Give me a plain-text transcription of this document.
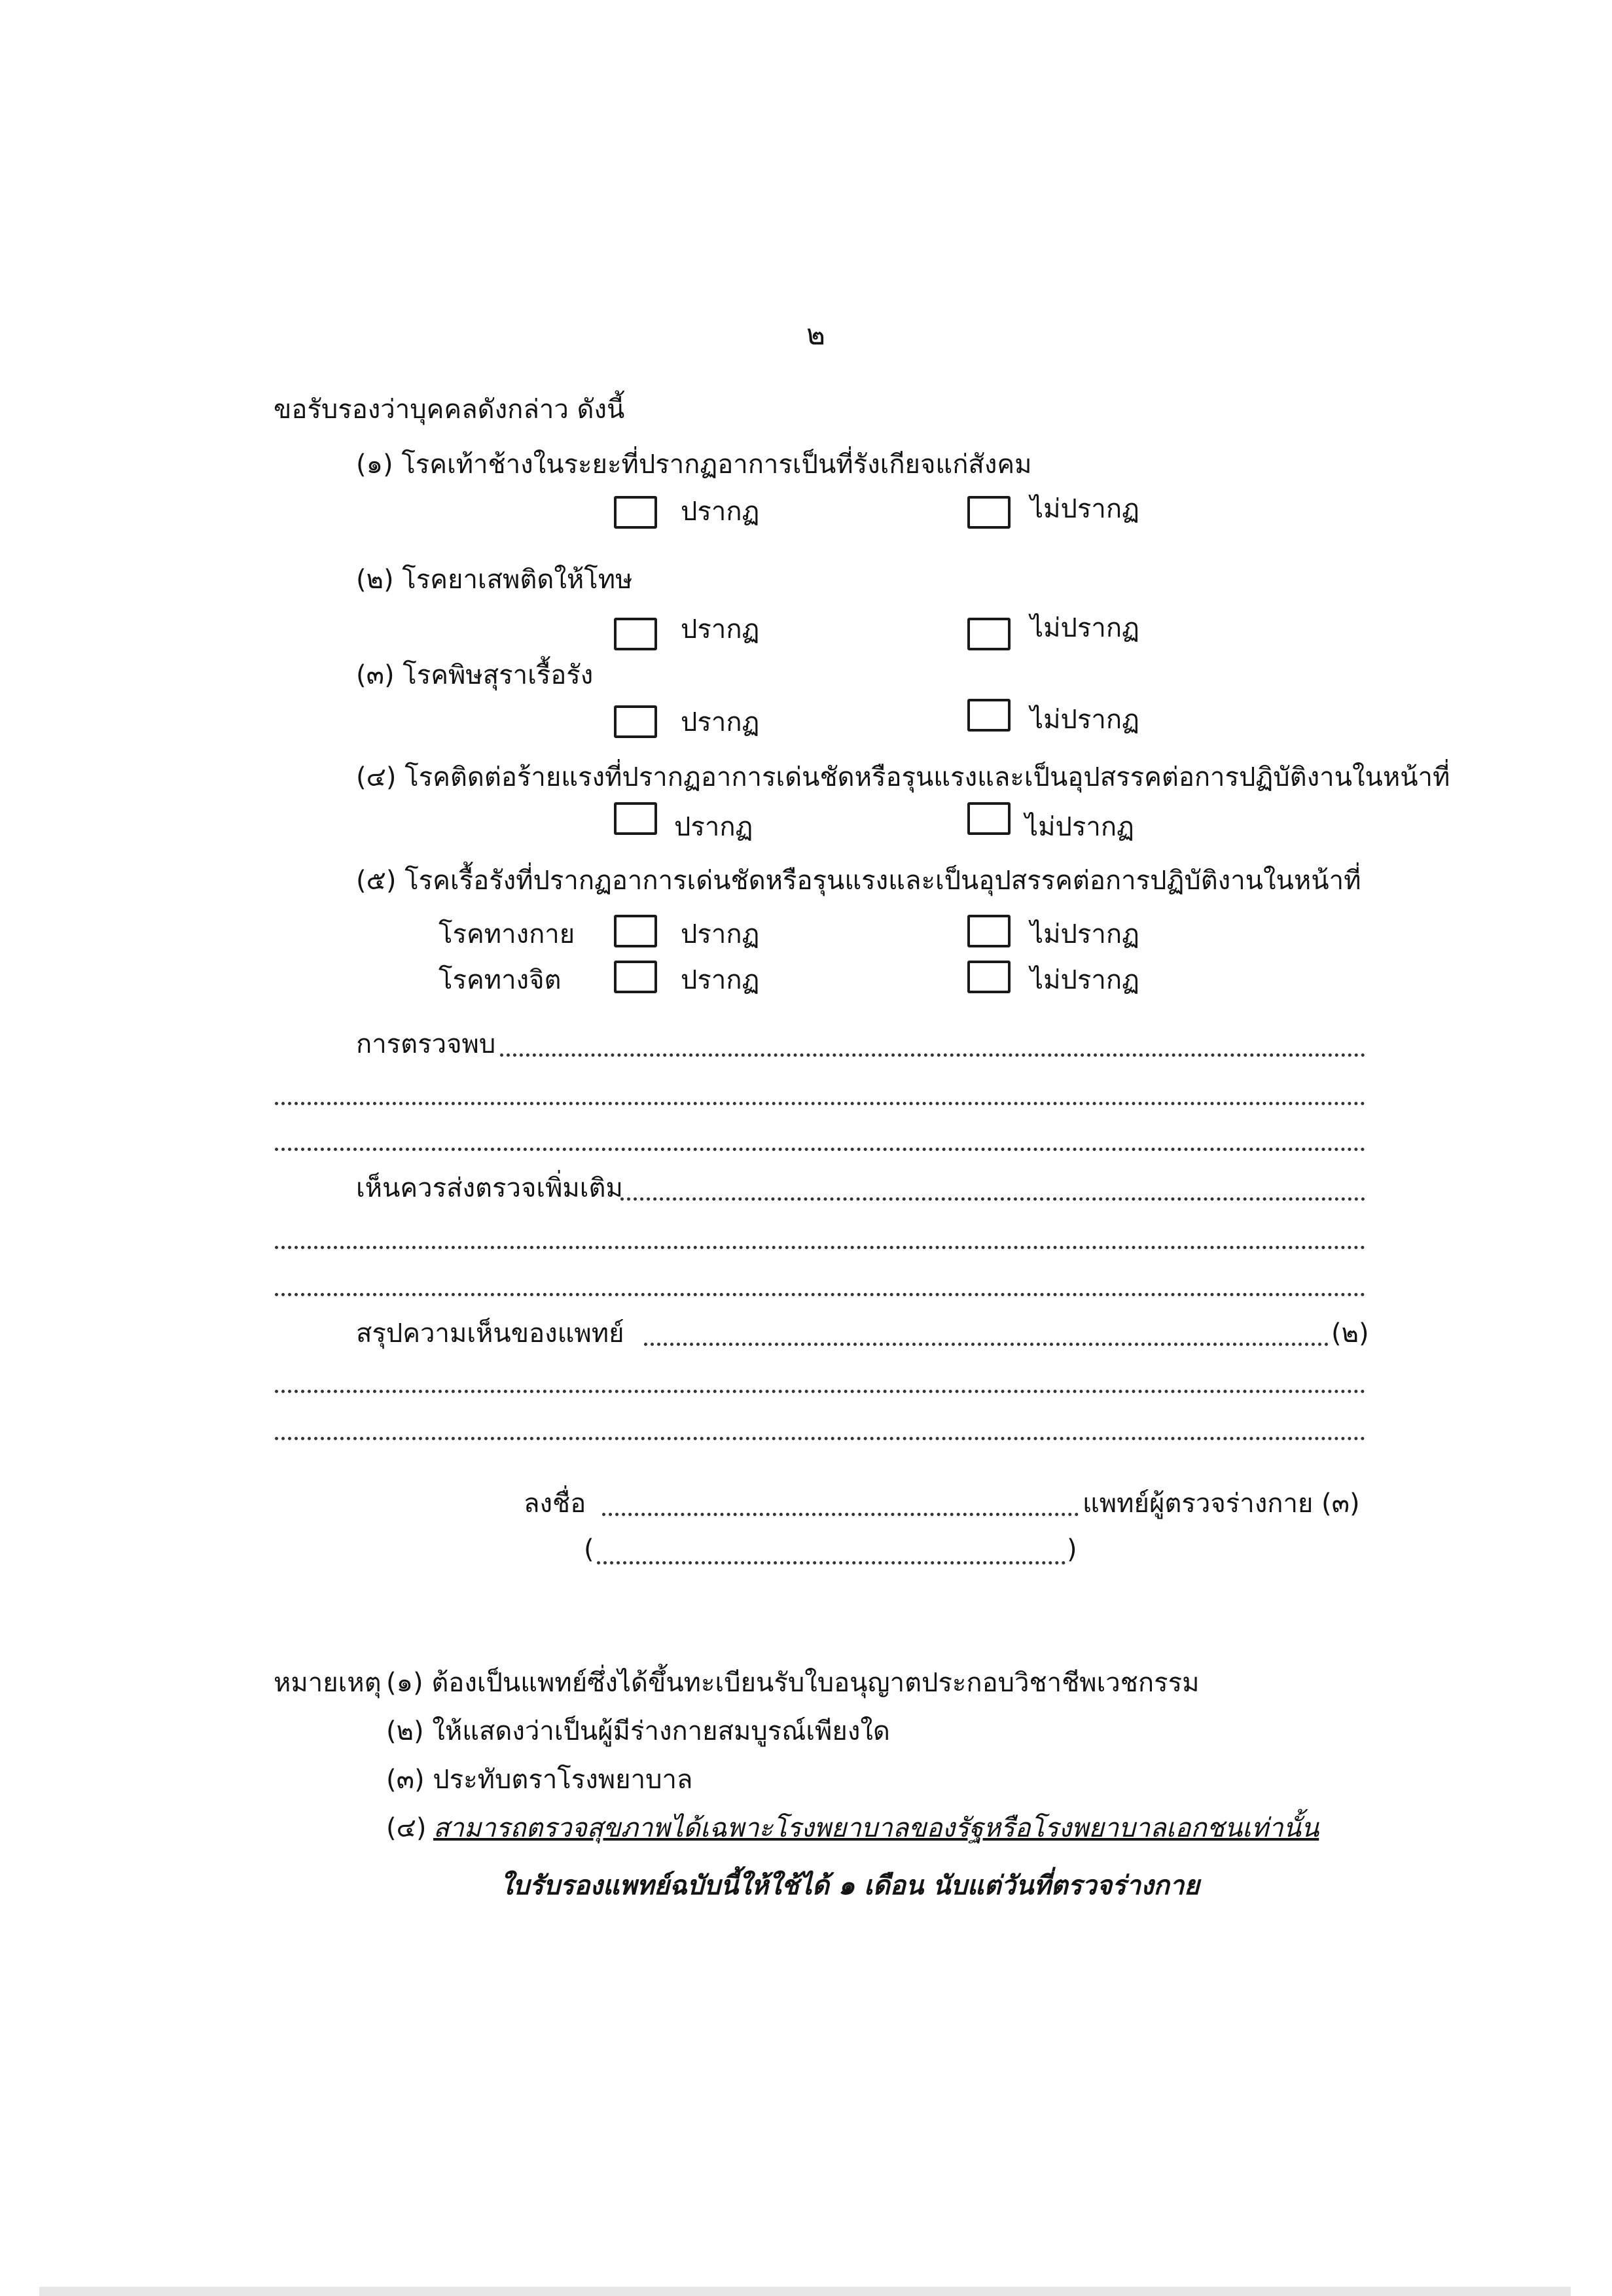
๒
ขอรับรองว่าบุคคลดังกล่าว ดังนี้
(๑) โรคเท้าช้างในระยะที่ปรากฏอาการเป็นที่รังเกียจแก่สังคม
ปรากฏ	ไม่ปรากฏ
(๒) โรคยาเสพติดให้โทษ
ปรากฏ	ไม่ปรากฏ
(๓) โรคพิษสุราเรื้อรัง
ปรากฏ	ไม่ปรากฏ
(๔) โรคติดต่อร้ายแรงที่ปรากฏอาการเด่นชัดหรือรุนแรงและเป็นอุปสรรคต่อการปฏิบัติงานในหน้าที่
ปรากฏ	ไม่ปรากฏ
(๕) โรคเรื้อรังที่ปรากฏอาการเด่นชัดหรือรุนแรงและเป็นอุปสรรคต่อการปฏิบัติงานในหน้าที่
โรคทางกาย	ปรากฏ	ไม่ปรากฏ
โรคทางจิต	ปรากฏ	ไม่ปรากฏ
การตรวจพบ
เห็นควรส่งตรวจเพิ่มเติม
สรุปความเห็นของแพทย์	(๒)
ลงชื่อ	แพทย์ผู้ตรวจร่างกาย (๓)
(	)
หมายเหตุ (๑) ต้องเป็นแพทย์ซึ่งได้ขึ้นทะเบียนรับใบอนุญาตประกอบวิชาชีพเวชกรรม
(๒) ให้แสดงว่าเป็นผู้มีร่างกายสมบูรณ์เพียงใด
(๓) ประทับตราโรงพยาบาล
(๔) สามารถตรวจสุขภาพได้เฉพาะโรงพยาบาลของรัฐหรือโรงพยาบาลเอกชนเท่านั้น
ใบรับรองแพทย์ฉบับนี้ให้ใช้ได้ ๑ เดือน นับแต่วันที่ตรวจร่างกาย
